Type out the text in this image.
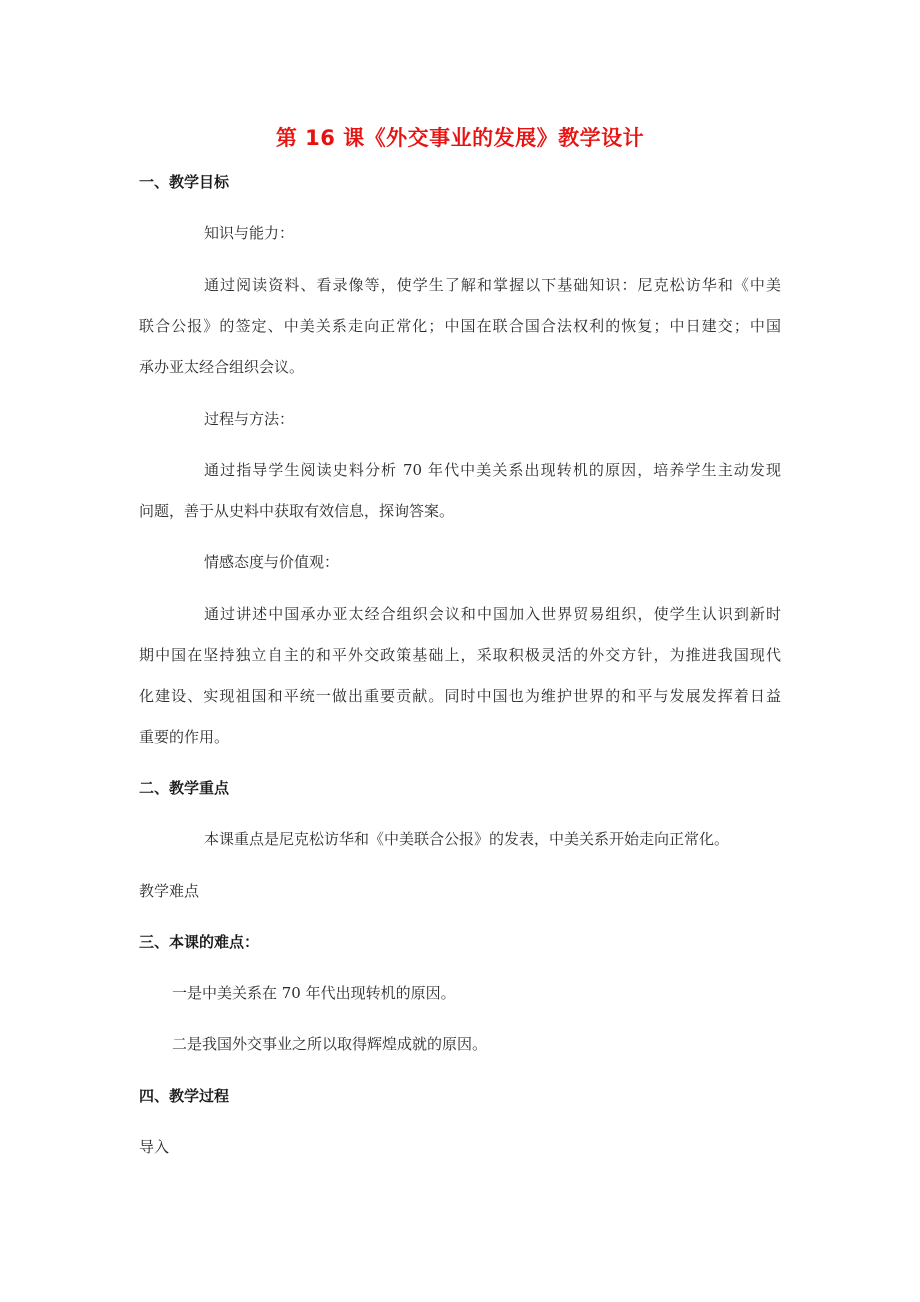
第 16 课《外交事业的发展》教学设计
一、教学目标
知识与能力：
通过阅读资料、看录像等，使学生了解和掌握以下基础知识：尼克松访华和《中美
联合公报》的签定、中美关系走向正常化；中国在联合国合法权利的恢复；中日建交；中国
承办亚太经合组织会议。
过程与方法：
通过指导学生阅读史料分析 70 年代中美关系出现转机的原因，培养学生主动发现
问题，善于从史料中获取有效信息，探询答案。
情感态度与价值观：
通过讲述中国承办亚太经合组织会议和中国加入世界贸易组织，使学生认识到新时
期中国在坚持独立自主的和平外交政策基础上，采取积极灵活的外交方针，为推进我国现代
化建设、实现祖国和平统一做出重要贡献。同时中国也为维护世界的和平与发展发挥着日益
重要的作用。
二、教学重点
本课重点是尼克松访华和《中美联合公报》的发表，中美关系开始走向正常化。
教学难点
三、本课的难点：
一是中美关系在 70 年代出现转机的原因。
二是我国外交事业之所以取得辉煌成就的原因。
四、教学过程
导入
